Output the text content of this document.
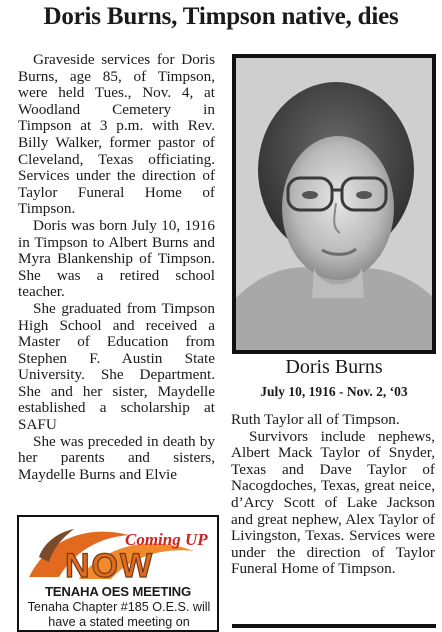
Doris Burns, Timpson native, dies

Graveside services for Doris Burns, age 85, of Timpson, were held Tues., Nov. 4, at Woodland Cemetery in Timpson at 3 p.m. with Rev. Billy Walker, former pastor of Cleveland, Texas officiating. Services under the direction of Taylor Funeral Home of Timpson.

Doris was born July 10, 1916 in Timpson to Albert Burns and Myra Blankenship of Timpson. She was a retired school teacher.

She graduated from Timpson High School and received a Master of Education from Stephen F. Austin State University. She Department. She and her sister, Maydelle established a scholarship at SAFU

She was preceded in death by her parents and sisters, Maydelle Burns and Elvie

Doris Burns
July 10, 1916 - Nov. 2, ‘03

Ruth Taylor all of Timpson.

Survivors include nephews, Albert Mack Taylor of Snyder, Texas and Dave Taylor of Nacogdoches, Texas, great neice, d’Arcy Scott of Lake Jackson and great nephew, Alex Taylor of Livingston, Texas. Services were under the direction of Taylor Funeral Home of Timpson.

Coming UP
NOW
TENAHA OES MEETING
Tenaha Chapter #185 O.E.S. will have a stated meeting on
